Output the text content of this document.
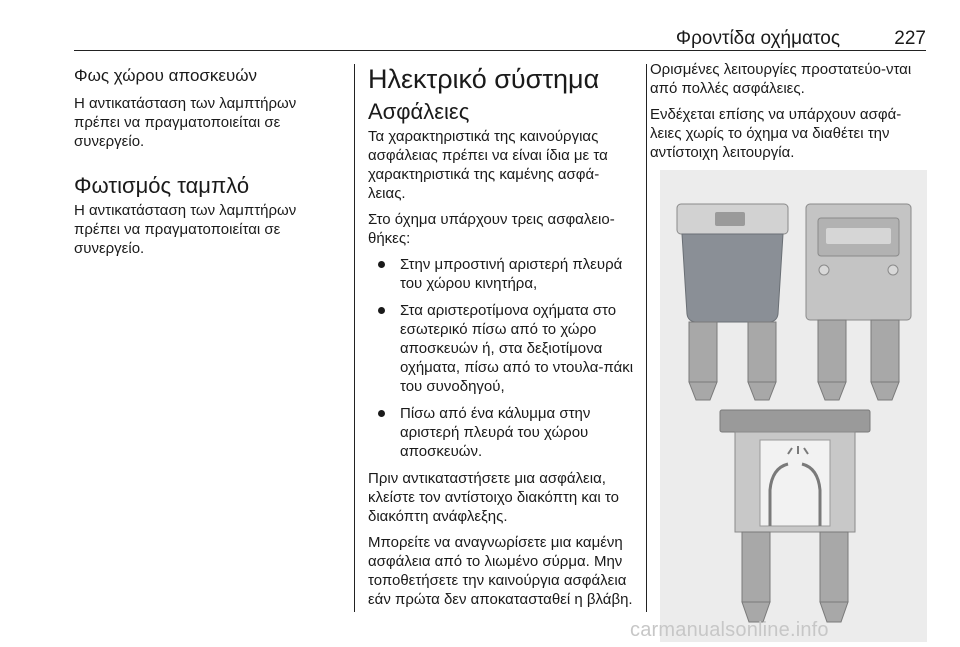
Φροντίδα οχήματος	227
Φως χώρου αποσκευών

Η αντικατάσταση των λαμπτήρων πρέπει να πραγματοποιείται σε συνεργείο.

Φωτισμός ταμπλό

Η αντικατάσταση των λαμπτήρων πρέπει να πραγματοποιείται σε συνεργείο.

Ηλεκτρικό σύστημα
Ασφάλειες

Τα χαρακτηριστικά της καινούργιας ασφάλειας πρέπει να είναι ίδια με τα χαρακτηριστικά της καμένης ασφά-λειας.

Στο όχημα υπάρχουν τρεις ασφαλειο-θήκες:

Στην μπροστινή αριστερή πλευρά του χώρου κινητήρα,
Στα αριστεροτίμονα οχήματα στο εσωτερικό πίσω από το χώρο αποσκευών ή, στα δεξιοτίμονα οχήματα, πίσω από το ντουλα-πάκι του συνοδηγού,
Πίσω από ένα κάλυμμα στην αριστερή πλευρά του χώρου αποσκευών.

Πριν αντικαταστήσετε μια ασφάλεια, κλείστε τον αντίστοιχο διακόπτη και το διακόπτη ανάφλεξης.

Μπορείτε να αναγνωρίσετε μια καμένη ασφάλεια από το λιωμένο σύρμα. Μην τοποθετήσετε την καινούργια ασφάλεια εάν πρώτα δεν αποκατασταθεί η βλάβη.

Ορισμένες λειτουργίες προστατεύο-νται από πολλές ασφάλειες.

Ενδέχεται επίσης να υπάρχουν ασφά-λειες χωρίς το όχημα να διαθέτει την αντίστοιχη λειτουργία.

carmanualsonline.info
